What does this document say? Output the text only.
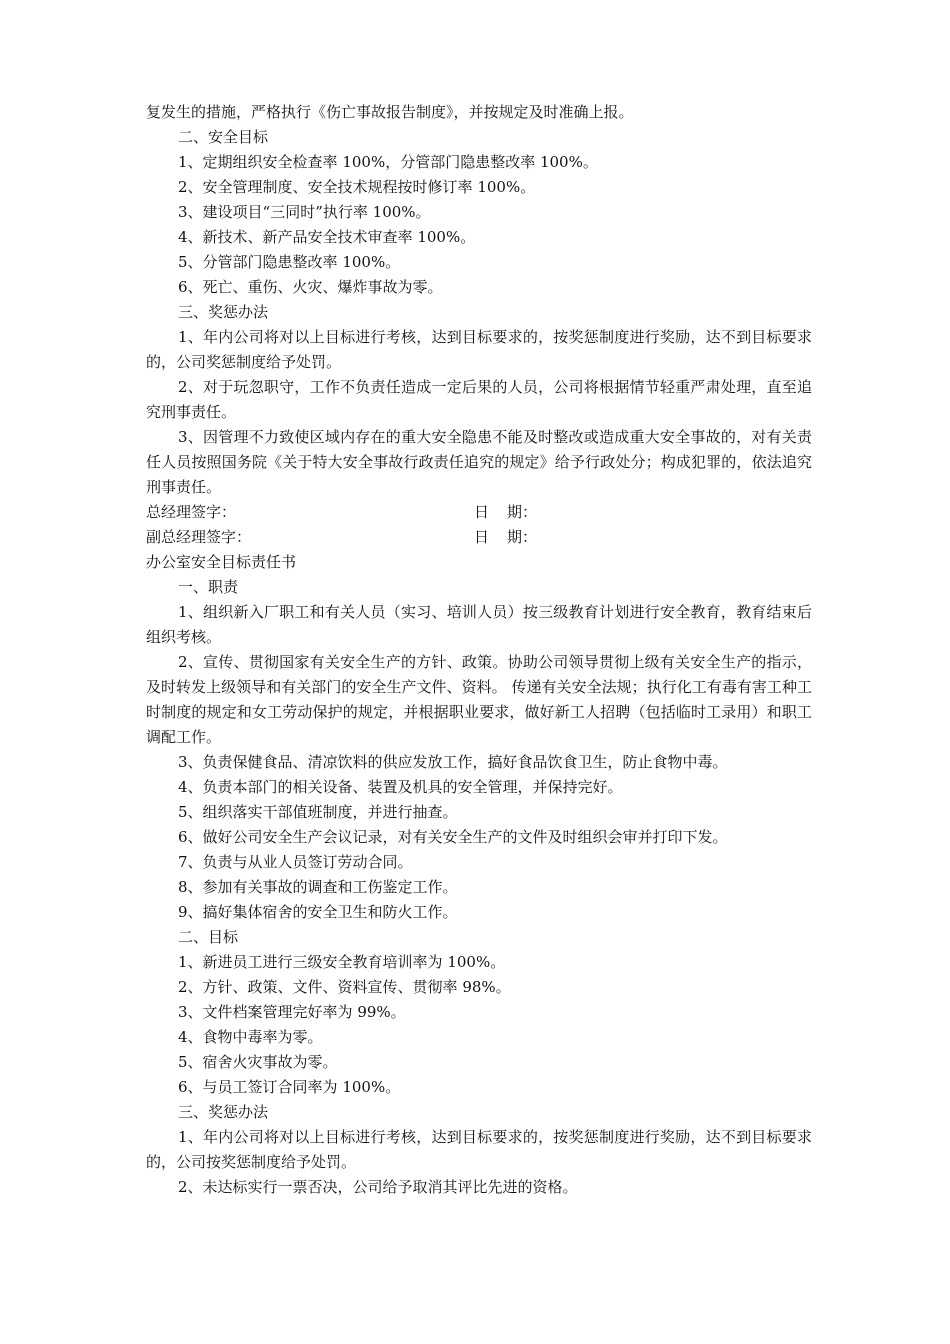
复发生的措施，严格执行《伤亡事故报告制度》，并按规定及时准确上报。

二、安全目标

1、定期组织安全检查率 100%，分管部门隐患整改率 100%。

2、安全管理制度、安全技术规程按时修订率 100%。

3、建设项目“三同时”执行率 100%。

4、新技术、新产品安全技术审查率 100%。

5、分管部门隐患整改率 100%。

6、死亡、重伤、火灾、爆炸事故为零。

三、奖惩办法

1、年内公司将对以上目标进行考核，达到目标要求的，按奖惩制度进行奖励，达不到目标要求的，公司奖惩制度给予处罚。

2、对于玩忽职守，工作不负责任造成一定后果的人员，公司将根据情节轻重严肃处理，直至追究刑事责任。

3、因管理不力致使区域内存在的重大安全隐患不能及时整改或造成重大安全事故的，对有关责任人员按照国务院《关于特大安全事故行政责任追究的规定》给予行政处分；构成犯罪的，依法追究刑事责任。

总经理签字：	日 期：
副总经理签字：	日 期：

办公室安全目标责任书

一、职责

1、组织新入厂职工和有关人员（实习、培训人员）按三级教育计划进行安全教育，教育结束后组织考核。

2、宣传、贯彻国家有关安全生产的方针、政策。协助公司领导贯彻上级有关安全生产的指示，及时转发上级领导和有关部门的安全生产文件、资料。 传递有关安全法规；执行化工有毒有害工种工时制度的规定和女工劳动保护的规定，并根据职业要求，做好新工人招聘（包括临时工录用）和职工调配工作。

3、负责保健食品、清凉饮料的供应发放工作，搞好食品饮食卫生，防止食物中毒。

4、负责本部门的相关设备、装置及机具的安全管理，并保持完好。

5、组织落实干部值班制度，并进行抽查。

6、做好公司安全生产会议记录，对有关安全生产的文件及时组织会审并打印下发。

7、负责与从业人员签订劳动合同。

8、参加有关事故的调查和工伤鉴定工作。

9、搞好集体宿舍的安全卫生和防火工作。

二、目标

1、新进员工进行三级安全教育培训率为 100%。

2、方针、政策、文件、资料宣传、贯彻率 98%。

3、文件档案管理完好率为 99%。

4、食物中毒率为零。

5、宿舍火灾事故为零。

6、与员工签订合同率为 100%。

三、奖惩办法

1、年内公司将对以上目标进行考核，达到目标要求的，按奖惩制度进行奖励，达不到目标要求的，公司按奖惩制度给予处罚。

2、未达标实行一票否决，公司给予取消其评比先进的资格。
